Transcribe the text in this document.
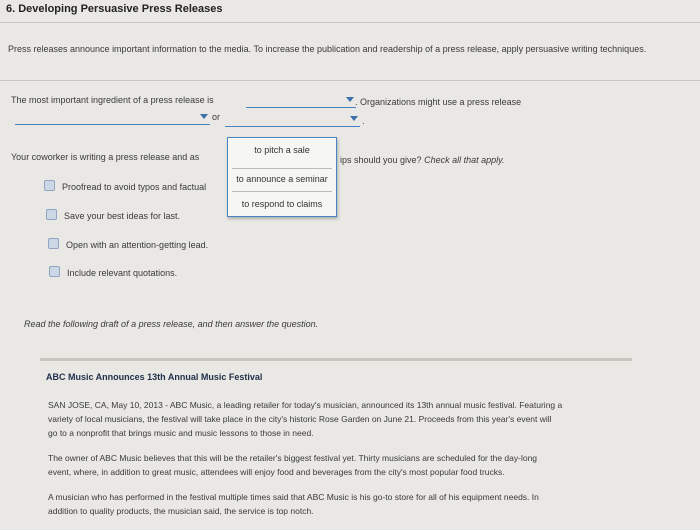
6. Developing Persuasive Press Releases
Press releases announce important information to the media. To increase the publication and readership of a press release, apply persuasive writing techniques.
The most important ingredient of a press release is	. Organizations might use a press release
or	.
Your coworker is writing a press release and as	ips should you give? Check all that apply.
Proofread to avoid typos and factual
Save your best ideas for last.
Open with an attention-getting lead.
Include relevant quotations.
to pitch a sale
to announce a seminar
to respond to claims
Read the following draft of a press release, and then answer the question.
ABC Music Announces 13th Annual Music Festival
SAN JOSE, CA, May 10, 2013 - ABC Music, a leading retailer for today's musician, announced its 13th annual music festival. Featuring a
variety of local musicians, the festival will take place in the city's historic Rose Garden on June 21. Proceeds from this year's event will
go to a nonprofit that brings music and music lessons to those in need.
The owner of ABC Music believes that this will be the retailer's biggest festival yet. Thirty musicians are scheduled for the day-long
event, where, in addition to great music, attendees will enjoy food and beverages from the city's most popular food trucks.
A musician who has performed in the festival multiple times said that ABC Music is his go-to store for all of his equipment needs. In
addition to quality products, the musician said, the service is top notch.
